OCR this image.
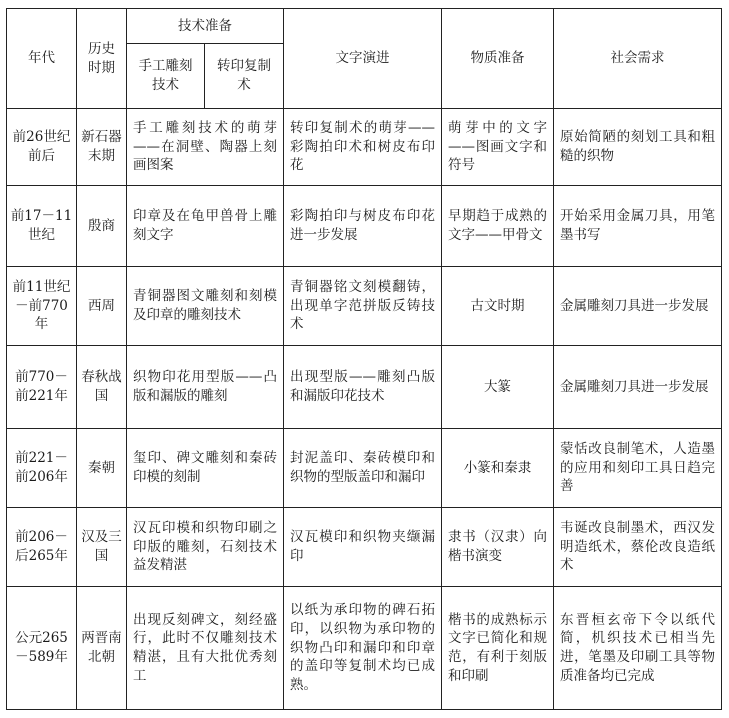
年代	历史时期	技术准备		文字演进	物质准备	社会需求
		手工雕刻技术	转印复制术			
前26世纪前后	新石器末期	手工雕刻技术的萌芽——在洞壁、陶器上刻画图案		转印复制术的萌芽——彩陶拍印术和树皮布印花	萌芽中的文字——图画文字和符号	原始简陋的刻划工具和粗糙的织物
前17－11世纪	殷商	印章及在龟甲兽骨上雕刻文字		彩陶拍印与树皮布印花进一步发展	早期趋于成熟的文字——甲骨文	开始采用金属刀具，用笔墨书写
前11世纪－前770年	西周	青铜器图文雕刻和刻模及印章的雕刻技术		青铜器铭文刻模翻铸，出现单字范拼版反铸技术	古文时期	金属雕刻刀具进一步发展
前770－前221年	春秋战国	织物印花用型版——凸版和漏版的雕刻		出现型版——雕刻凸版和漏版印花技术	大篆	金属雕刻刀具进一步发展
前221－前206年	秦朝	玺印、碑文雕刻和秦砖印模的刻制		封泥盖印、秦砖模印和织物的型版盖印和漏印	小篆和秦隶	蒙恬改良制笔术，人造墨的应用和刻印工具日趋完善
前206－后265年	汉及三国	汉瓦印模和织物印刷之印版的雕刻，石刻技术益发精湛		汉瓦模印和织物夹缬漏印	隶书（汉隶）向楷书演变	韦诞改良制墨术，西汉发明造纸术，蔡伦改良造纸术
公元265－589年	两晋南北朝	出现反刻碑文，刻经盛行，此时不仅雕刻技术精湛，且有大批优秀刻工		以纸为承印物的碑石拓印，以织物为承印物的织物凸印和漏印和印章的盖印等复制术均已成熟。	楷书的成熟标示文字已简化和规范，有利于刻版和印刷	东晋桓玄帝下令以纸代简，机织技术已相当先进，笔墨及印刷工具等物质准备均已完成
